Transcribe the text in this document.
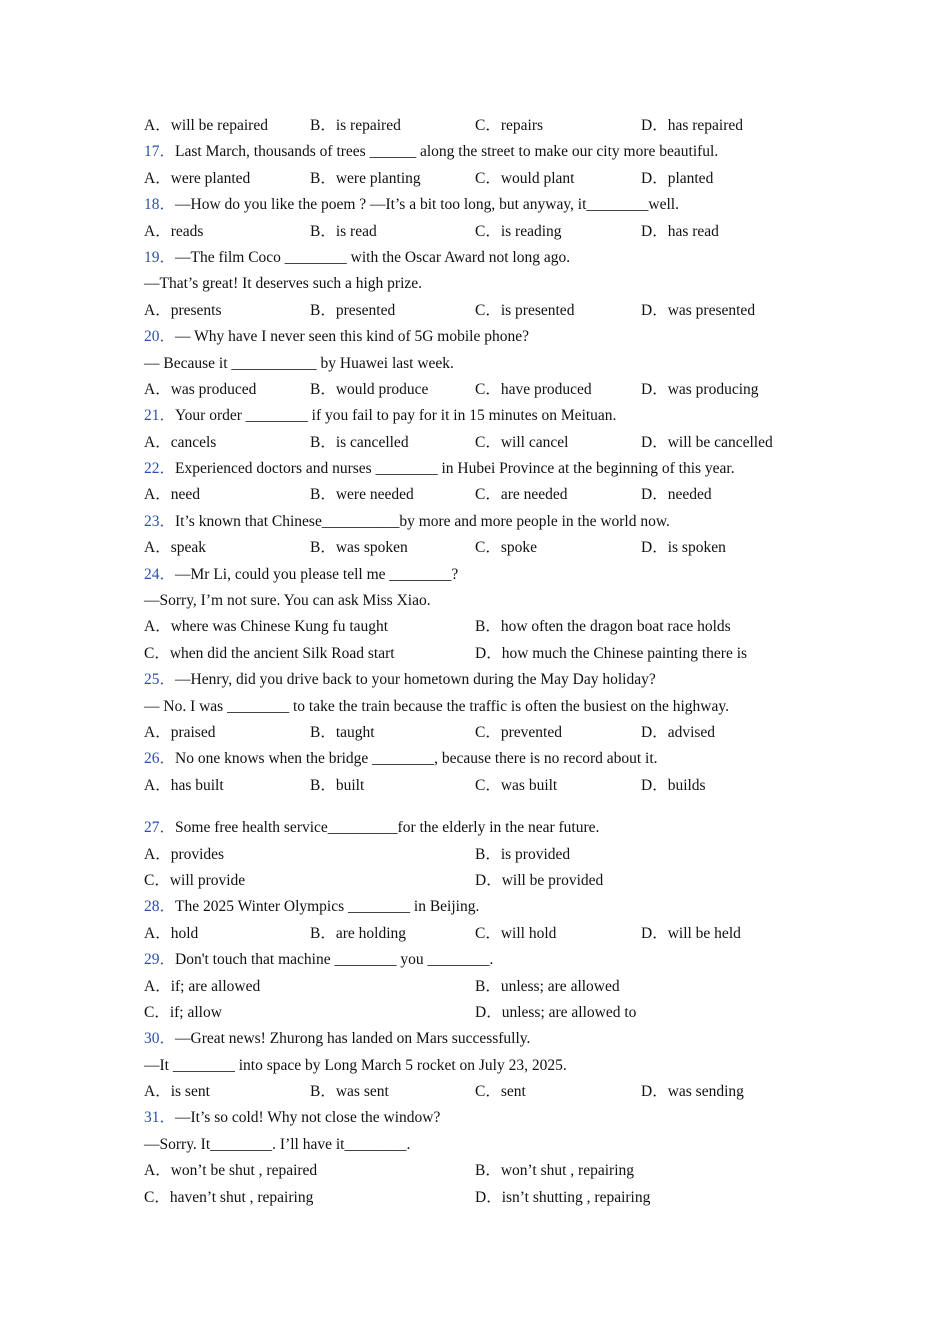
A．will be repaired	B．is repaired	C．repairs	D．has repaired
17．Last March, thousands of trees ______ along the street to make our city more beautiful.
A．were planted	B．were planting	C．would plant	D．planted
18．—How do you like the poem ? —It’s a bit too long, but anyway, it________well.
A．reads	B．is read	C．is reading	D．has read
19．—The film Coco ________ with the Oscar Award not long ago.
—That’s great! It deserves such a high prize.
A．presents	B．presented	C．is presented	D．was presented
20．— Why have I never seen this kind of 5G mobile phone?
— Because it ___________ by Huawei last week.
A．was produced	B．would produce	C．have produced	D．was producing
21．Your order ________ if you fail to pay for it in 15 minutes on Meituan.
A．cancels	B．is cancelled	C．will cancel	D．will be cancelled
22．Experienced doctors and nurses ________ in Hubei Province at the beginning of this year.
A．need	B．were needed	C．are needed	D．needed
23．It’s known that Chinese__________by more and more people in the world now.
A．speak	B．was spoken	C．spoke	D．is spoken
24．—Mr Li, could you please tell me ________?
—Sorry, I’m not sure. You can ask Miss Xiao.
A．where was Chinese Kung fu taught	B．how often the dragon boat race holds
C．when did the ancient Silk Road start	D．how much the Chinese painting there is
25．—Henry, did you drive back to your hometown during the May Day holiday?
— No. I was ________ to take the train because the traffic is often the busiest on the highway.
A．praised	B．taught	C．prevented	D．advised
26．No one knows when the bridge ________, because there is no record about it.
A．has built	B．built	C．was built	D．builds
27．Some free health service_________for the elderly in the near future.
A．provides	B．is provided
C．will provide	D．will be provided
28．The 2025 Winter Olympics ________ in Beijing.
A．hold	B．are holding	C．will hold	D．will be held
29．Don't touch that machine ________ you ________.
A．if; are allowed	B．unless; are allowed
C．if; allow	D．unless; are allowed to
30．—Great news! Zhurong has landed on Mars successfully.
—It ________ into space by Long March 5 rocket on July 23, 2025.
A．is sent	B．was sent	C．sent	D．was sending
31．—It’s so cold! Why not close the window?
—Sorry. It________. I’ll have it________.
A．won’t be shut , repaired	B．won’t shut , repairing
C．haven’t shut , repairing	D．isn’t shutting , repairing
